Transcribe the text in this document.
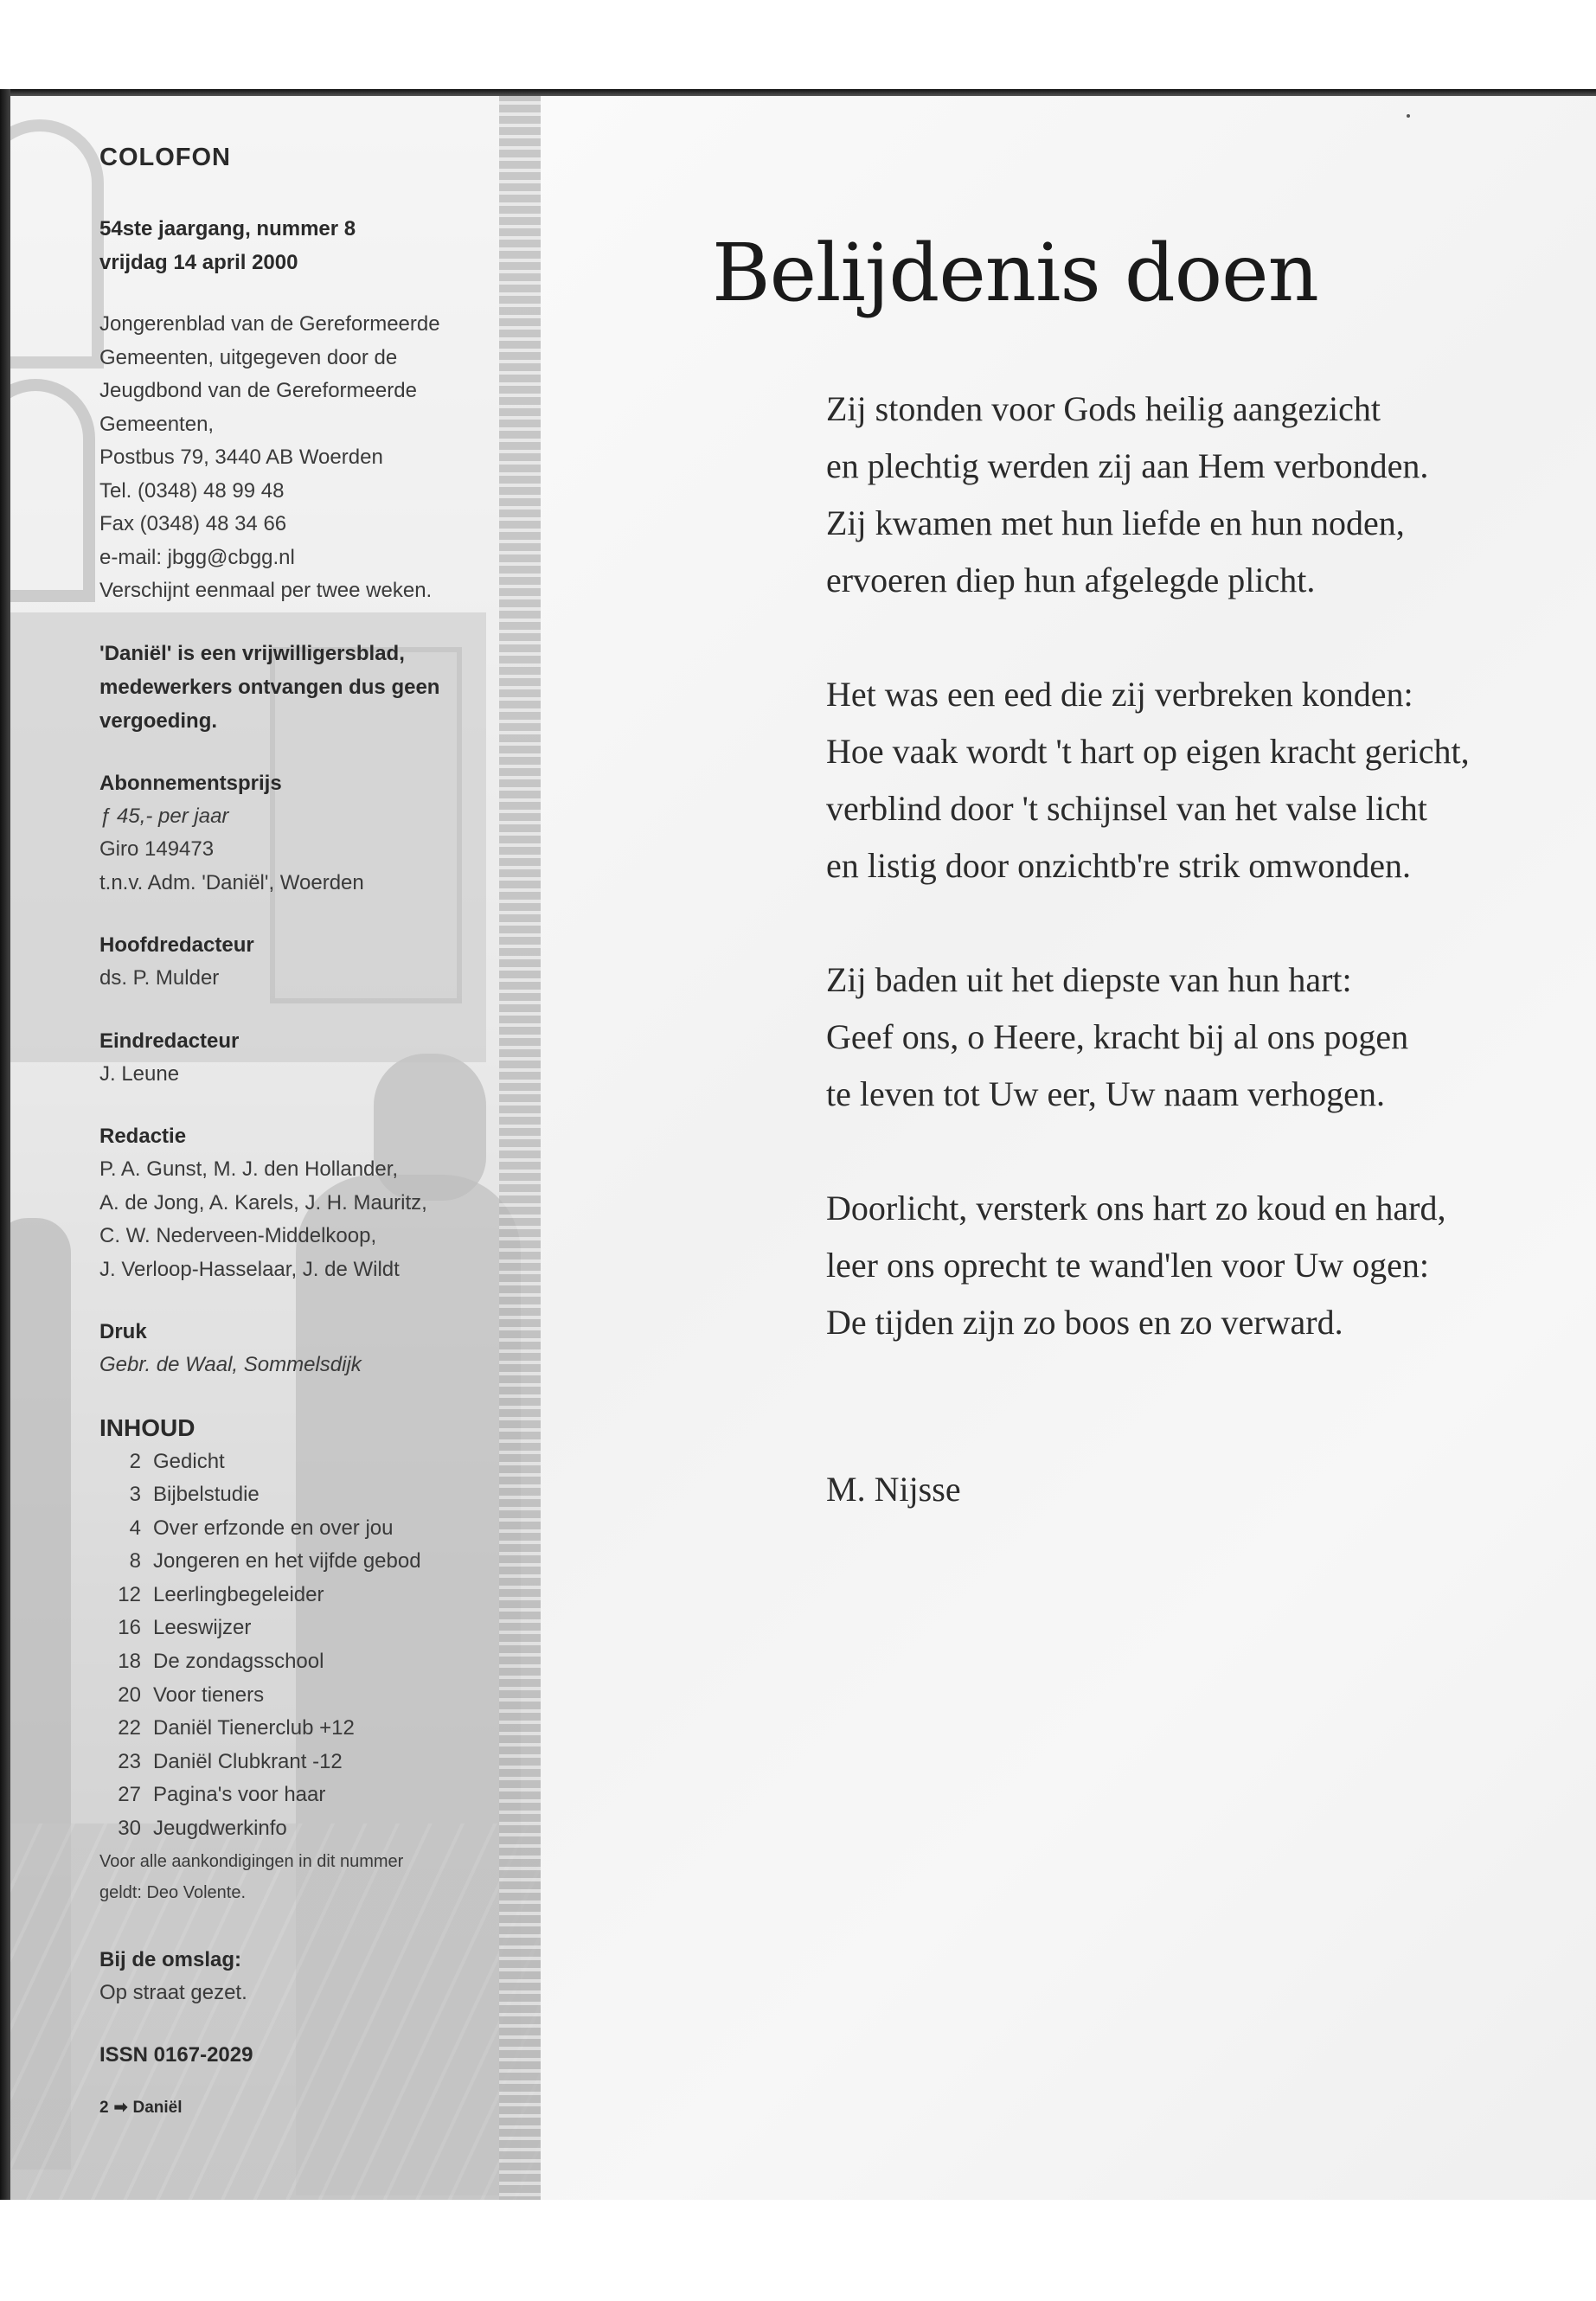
COLOFON
54ste jaargang, nummer 8
vrijdag 14 april 2000
Jongerenblad van de Gereformeerde
Gemeenten, uitgegeven door de
Jeugdbond van de Gereformeerde
Gemeenten,
Postbus 79, 3440 AB Woerden
Tel. (0348) 48 99 48
Fax (0348) 48 34 66
e-mail: jbgg@cbgg.nl
Verschijnt eenmaal per twee weken.
'Daniël' is een vrijwilligersblad,
medewerkers ontvangen dus geen
vergoeding.
Abonnementsprijs
ƒ 45,- per jaar
Giro 149473
t.n.v. Adm. 'Daniël', Woerden
Hoofdredacteur
ds. P. Mulder
Eindredacteur
J. Leune
Redactie
P. A. Gunst, M. J. den Hollander,
A. de Jong, A. Karels, J. H. Mauritz,
C. W. Nederveen-Middelkoop,
J. Verloop-Hasselaar, J. de Wildt
Druk
Gebr. de Waal, Sommelsdijk
INHOUD
2 Gedicht
3 Bijbelstudie
4 Over erfzonde en over jou
8 Jongeren en het vijfde gebod
12 Leerlingbegeleider
16 Leeswijzer
18 De zondagsschool
20 Voor tieners
22 Daniël Tienerclub +12
23 Daniël Clubkrant -12
27 Pagina's voor haar
30 Jeugdwerkinfo
Voor alle aankondigingen in dit nummer
geldt: Deo Volente.
Bij de omslag:
Op straat gezet.
ISSN 0167-2029
2 ➡ Daniël
Belijdenis doen
Zij stonden voor Gods heilig aangezicht
en plechtig werden zij aan Hem verbonden.
Zij kwamen met hun liefde en hun noden,
ervoeren diep hun afgelegde plicht.
Het was een eed die zij verbreken konden:
Hoe vaak wordt 't hart op eigen kracht gericht,
verblind door 't schijnsel van het valse licht
en listig door onzichtb're strik omwonden.
Zij baden uit het diepste van hun hart:
Geef ons, o Heere, kracht bij al ons pogen
te leven tot Uw eer, Uw naam verhogen.
Doorlicht, versterk ons hart zo koud en hard,
leer ons oprecht te wand'len voor Uw ogen:
De tijden zijn zo boos en zo verward.
M. Nijsse
